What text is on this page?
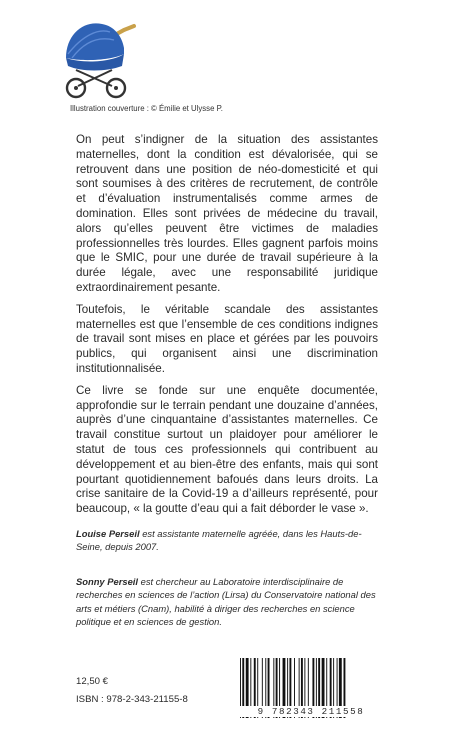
Illustration couverture : © Émilie et Ulysse P.

On peut s’indigner de la situation des assistantes maternelles, dont la condition est dévalorisée, qui se retrouvent dans une position de néo-domesticité et qui sont soumises à des critères de recrutement, de contrôle et d’évaluation instrumentalisés comme armes de domination. Elles sont privées de médecine du travail, alors qu’elles peuvent être victimes de maladies professionnelles très lourdes. Elles gagnent parfois moins que le SMIC, pour une durée de travail supérieure à la durée légale, avec une responsabilité juridique extraordinairement pesante.

Toutefois, le véritable scandale des assistantes maternelles est que l’ensemble de ces conditions indignes de travail sont mises en place et gérées par les pouvoirs publics, qui organisent ainsi une discrimination institutionnalisée.

Ce livre se fonde sur une enquête documentée, approfondie sur le terrain pendant une douzaine d’années, auprès d’une cinquantaine d’assistantes maternelles. Ce travail constitue surtout un plaidoyer pour améliorer le statut de tous ces professionnels qui contribuent au développement et au bien-être des enfants, mais qui sont pourtant quotidiennement bafoués dans leurs droits. La crise sanitaire de la Covid-19 a d’ailleurs représenté, pour beaucoup, « la goutte d’eau qui a fait déborder le vase ».

Louise Perseil est assistante maternelle agréée, dans les Hauts-de-Seine, depuis 2007.
Sonny Perseil est chercheur au Laboratoire interdisciplinaire de recherches en sciences de l’action (Lirsa) du Conservatoire national des arts et métiers (Cnam), habilité à diriger des recherches en science politique et en sciences de gestion.
12,50 €
ISBN : 978-2-343-21155-8
9 782343 211558
